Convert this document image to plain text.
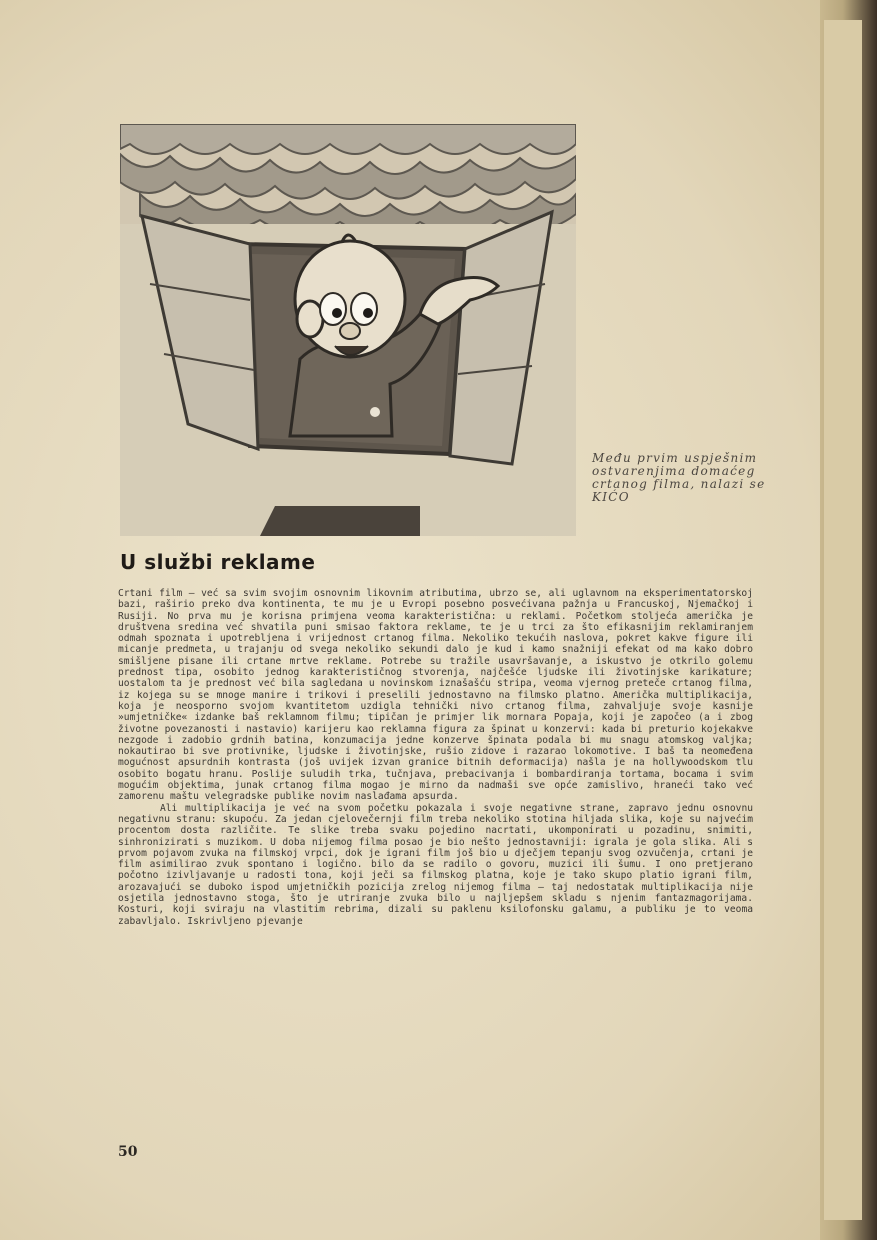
Među prvim uspješnim ostvarenjima domaćeg crtanog filma, nalazi se KIĆO
U službi reklame

Crtani film — već sa svim svojim osnovnim likovnim atributima, ubrzo se, ali uglavnom na eksperimentatorskoj bazi, raširio preko dva kontinenta, te mu je u Evropi posebno posvećivana pažnja u Francuskoj, Njemačkoj i Rusiji. No prva mu je korisna primjena veoma karakteristična: u reklami. Početkom stoljeća američka je društvena sredina već shvatila puni smisao faktora reklame, te je u trci za što efikasnijim reklamiranjem odmah spoznata i upotrebljena i vrijednost crtanog filma. Nekoliko tekućih naslova, pokret kakve figure ili micanje predmeta, u trajanju od svega nekoliko sekundi dalo je kud i kamo snažniji efekat od ma kako dobro smišljene pisane ili crtane mrtve reklame. Potrebe su tražile usavršavanje, a iskustvo je otkrilo golemu prednost tipa, osobito jednog karakterističnog stvorenja, najčešće ljudske ili životinjske karikature; uostalom ta je prednost već bila sagledana u novinskom iznašašću stripa, veoma vjernog preteče crtanog filma, iz kojega su se mnoge manire i trikovi i preselili jednostavno na filmsko platno. Američka multiplikacija, koja je neosporno svojom kvantitetom uzdigla tehnički nivo crtanog filma, zahvaljuje svoje kasnije »umjetničke« izdanke baš reklamnom filmu; tipičan je primjer lik mornara Popaja, koji je započeo (a i zbog životne povezanosti i nastavio) karijeru kao reklamna figura za špinat u konzervi: kada bi preturio kojekakve nezgode i zadobio grdnih batina, konzumacija jedne konzerve špinata podala bi mu snagu atomskog valjka; nokautirao bi sve protivnike, ljudske i životinjske, rušio zidove i razarao lokomotive. I baš ta neomeđena mogućnost apsurdnih kontrasta (još uvijek izvan granice bitnih deformacija) našla je na hollywoodskom tlu osobito bogatu hranu. Poslije suludih trka, tučnjava, prebacivanja i bombardiranja tortama, bocama i svim mogućim objektima, junak crtanog filma mogao je mirno da nadmaši sve opće zamislivo, hranеći tako već zamorenu maštu velegradske publike novim naslađama apsurda.

Ali multiplikacija je već na svom početku pokazala i svoje negativne strane, zapravo jednu osnovnu negativnu stranu: skupoću. Za jedan cjelovečernji film treba nekoliko stotina hiljada slika, koje su najvećim procentom dosta različite. Te slike treba svaku pojedino nacrtati, ukomponirati u pozadinu, snimiti, sinhronizirati s muzikom. U doba nijemog filma posao je bio nešto jednostavniji: igrala je gola slika. Ali s prvom pojavom zvuka na filmskoj vrpci, dok je igrani film još bio u dječjem tepanju svog ozvučenja, crtani je film asimilirao zvuk spontano i logično. bilo da se radilo o govoru, muzici ili šumu. I ono pretjerano počotno izivljavanje u radosti tona, koji ječi sa filmskog platna, koje je tako skupo platio igrani film, arozavajući se duboko ispod umjetničkih pozicija zrelog nijemog filma — taj nedostatak multiplikacija nije osjetila jednostavno stoga, što je utriranje zvuka bilo u najljepšem skladu s njenim fantazmagorijama. Kosturi, koji sviraju na vlastitim rebrima, dizali su paklenu ksilofonsku galamu, a publiku je to veoma zabavljalo. Iskrivljeno pjevanje

50
